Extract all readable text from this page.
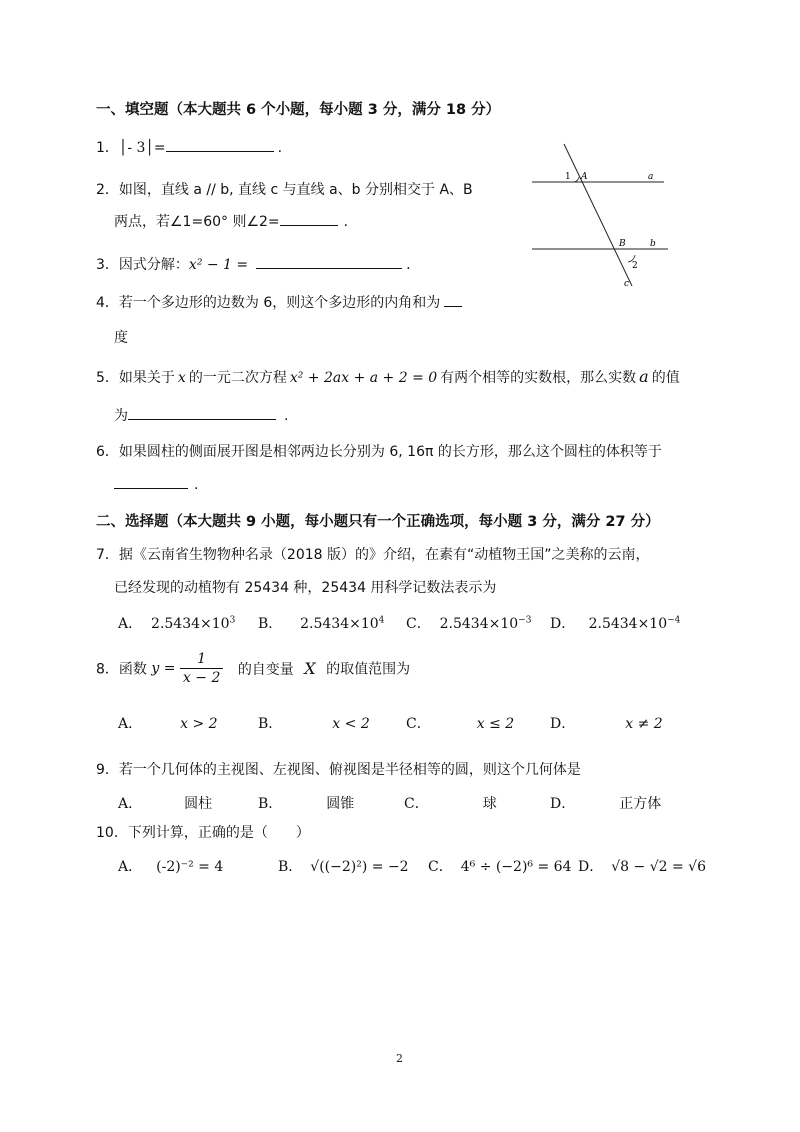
一、填空题（本大题共 6 个小题，每小题 3 分，满分 18 分）
1．│- 3│=	.
2．如图，直线 a // b, 直线 c 与直线 a、b 分别相交于 A、B
两点，若∠1=60° 则∠2=	.
3．因式分解：x² − 1 =	.
4．若一个多边形的边数为 6，则这个多边形的内角和为
度
5．如果关于 x 的一元二次方程 x² + 2ax + a + 2 = 0 有两个相等的实数根，那么实数 a 的值
为	.
6．如果圆柱的侧面展开图是相邻两边长分别为 6, 16π 的长方形，那么这个圆柱的体积等于
.
1 A	a
B	b
2
c
二、选择题（本大题共 9 小题，每小题只有一个正确选项，每小题 3 分，满分 27 分）
7．据《云南省生物物种名录（2018 版）的》介绍，在素有“动植物王国”之美称的云南，
已经发现的动植物有 25434 种，25434 用科学记数法表示为
A． $2.5434\times 10^3$ B． $2.5434\times 10^4$ C． $2.5434\times 10^{-3}$ D． $2.5434\times 10^{-4}$
8．函数 $y = \frac{1}{x - 2}$ 的自变量 X 的取值范围为
A．	x > 2	B．	x < 2	C．	x ≤ 2	D．	x ≠ 2
9．若一个几何体的主视图、左视图、俯视图是半径相等的圆，则这个几何体是
A．	圆柱	B．	圆锥	C．	球	D．	正方体
10．下列计算，正确的是（　　）
A． (-2)⁻² = 4	B． √((−2)²) = −2 C． 4⁶ ÷ (−2)⁶ = 64 D． √8 − √2 = √6
2
